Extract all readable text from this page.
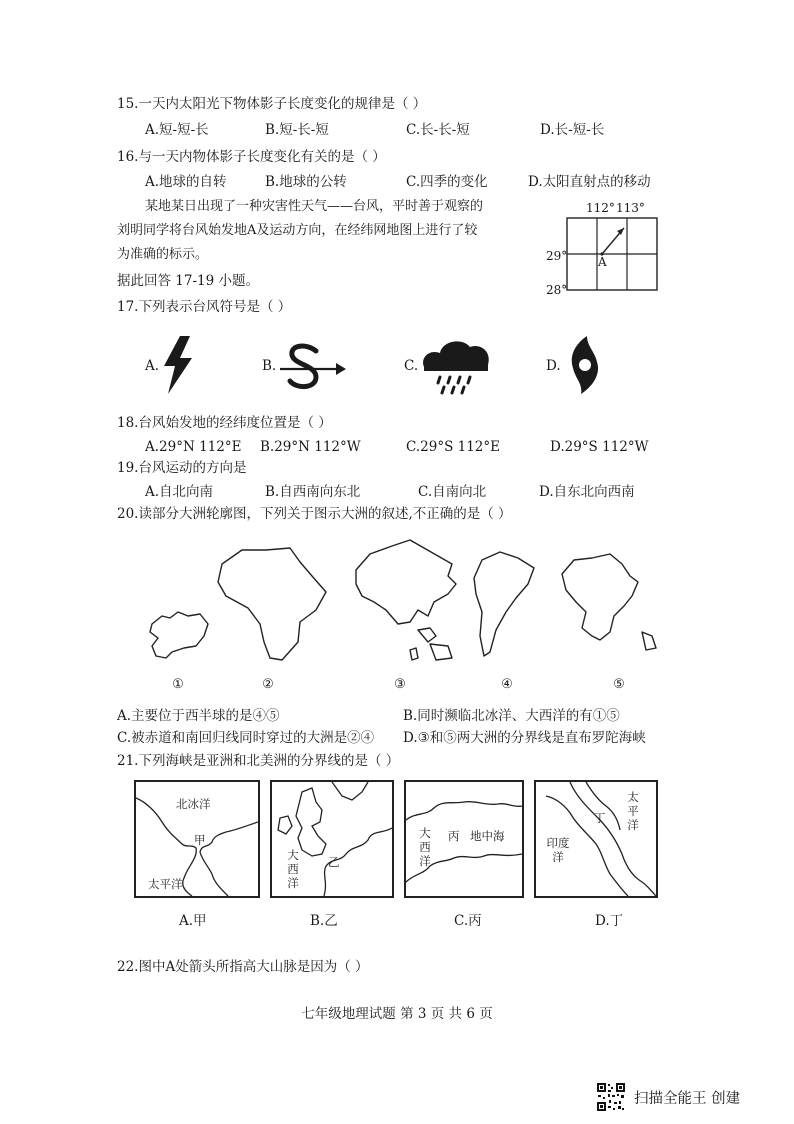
15.一天内太阳光下物体影子长度变化的规律是（ ）
A.短-短-长	B.短-长-短	C.长-长-短	D.长-短-长
16.与一天内物体影子长度变化有关的是（ ）
A.地球的自转	B.地球的公转	C.四季的变化	D.太阳直射点的移动
某地某日出现了一种灾害性天气——台风，平时善于观察的
刘明同学将台风始发地A及运动方向，在经纬网地图上进行了较
为准确的标示。
据此回答 17-19 小题。
112° 113°
29°
28°
A
17.下列表示台风符号是（ ）
A.	B.	C.	D.
18.台风始发地的经纬度位置是（ ）
A.29°N 112°E B.29°N 112°W	C.29°S 112°E	D.29°S 112°W
19.台风运动的方向是
A.自北向南	B.自西南向东北	C.自南向北	D.自东北向西南
20.读部分大洲轮廓图，下列关于图示大洲的叙述,不正确的是（ ）
①	②	③	④	⑤
A.主要位于西半球的是④⑤	B.同时濒临北冰洋、大西洋的有①⑤
C.被赤道和南回归线同时穿过的大洲是②④ D.③和⑤两大洲的分界线是直布罗陀海峡
21.下列海峡是亚洲和北美洲的分界线的是（ ）
北冰洋
甲
太平洋
大西洋
乙
大西洋
丙 地中海
太平洋
丁
印度洋
A.甲	B.乙	C.丙	D.丁
22.图中A处箭头所指高大山脉是因为（ ）
七年级地理试题 第 3 页 共 6 页
扫描全能王 创建
